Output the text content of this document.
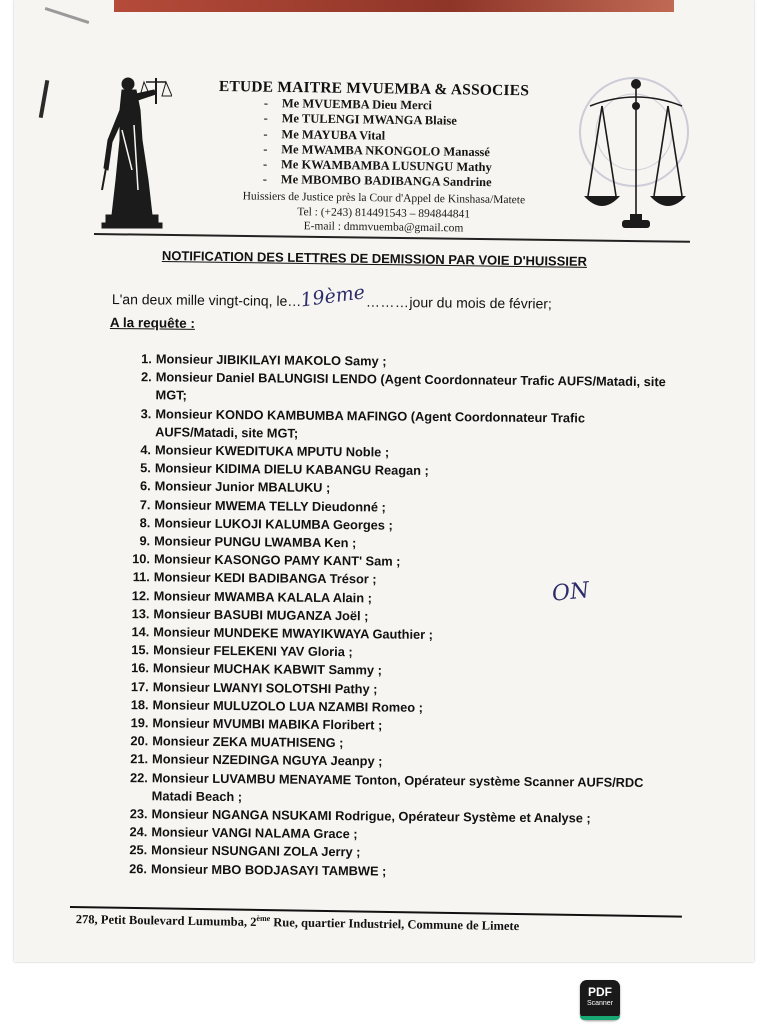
ETUDE MAITRE MVUEMBA & ASSOCIES
- Me MVUEMBA Dieu Merci
- Me TULENGI MWANGA Blaise
- Me MAYUBA Vital
- Me MWAMBA NKONGOLO Manassé
- Me KWAMBAMBA LUSUNGU Mathy
- Me MBOMBO BADIBANGA Sandrine
Huissiers de Justice près la Cour d'Appel de Kinshasa/Matete
Tel : (+243) 814491543 – 894844841
E-mail : dmmvuemba@gmail.com
NOTIFICATION DES LETTRES DE DEMISSION PAR VOIE D'HUISSIER
L'an deux mille vingt-cinq, le…19ème………jour du mois de février;
A la requête :
1. Monsieur JIBIKILAYI MAKOLO Samy ;
2. Monsieur Daniel BALUNGISI LENDO (Agent Coordonnateur Trafic AUFS/Matadi, site MGT;
3. Monsieur KONDO KAMBUMBA MAFINGO (Agent Coordonnateur Trafic AUFS/Matadi, site MGT;
4. Monsieur KWEDITUKA MPUTU Noble ;
5. Monsieur KIDIMA DIELU KABANGU Reagan ;
6. Monsieur Junior MBALUKU ;
7. Monsieur MWEMA TELLY Dieudonné ;
8. Monsieur LUKOJI KALUMBA Georges ;
9. Monsieur PUNGU LWAMBA Ken ;
10. Monsieur KASONGO PAMY KANT' Sam ;
11. Monsieur KEDI BADIBANGA Trésor ;
12. Monsieur MWAMBA KALALA Alain ;
13. Monsieur BASUBI MUGANZA Joël ;
14. Monsieur MUNDEKE MWAYIKWAYA Gauthier ;
15. Monsieur FELEKENI YAV Gloria ;
16. Monsieur MUCHAK KABWIT Sammy ;
17. Monsieur LWANYI SOLOTSHI Pathy ;
18. Monsieur MULUZOLO LUA NZAMBI Romeo ;
19. Monsieur MVUMBI MABIKA Floribert ;
20. Monsieur ZEKA MUATHISENG ;
21. Monsieur NZEDINGA NGUYA Jeanpy ;
22. Monsieur LUVAMBU MENAYAME Tonton, Opérateur système Scanner AUFS/RDC Matadi Beach ;
23. Monsieur NGANGA NSUKAMI Rodrigue, Opérateur Système et Analyse ;
24. Monsieur VANGI NALAMA Grace ;
25. Monsieur NSUNGANI ZOLA Jerry ;
26. Monsieur MBO BODJASAYI TAMBWE ;
ON
278, Petit Boulevard Lumumba, 2ème Rue, quartier Industriel, Commune de Limete
PDF
Scanner
